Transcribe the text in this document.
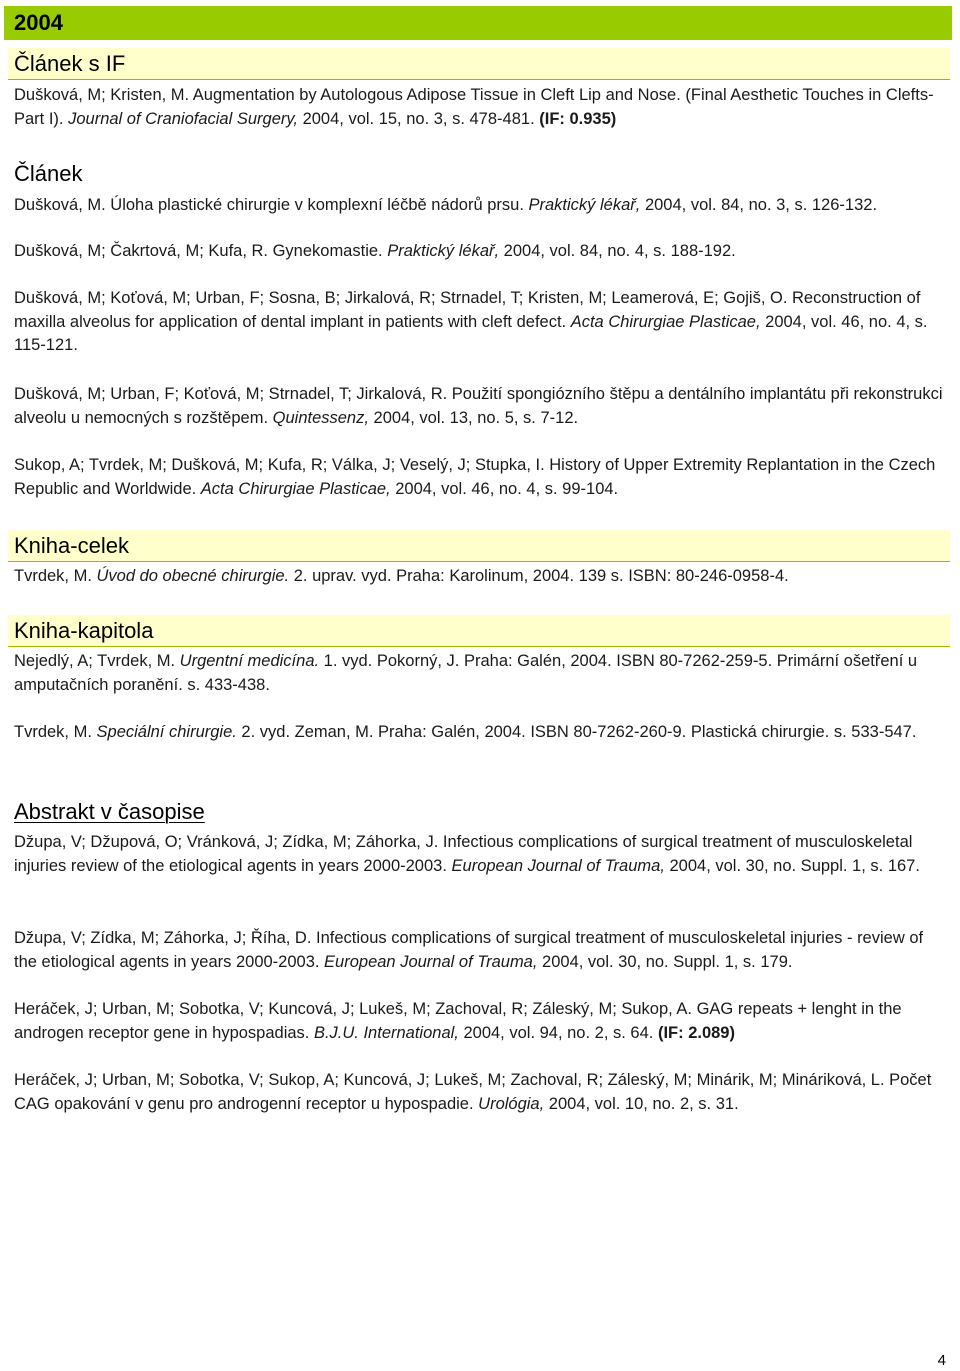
2004
Článek s IF
Dušková, M; Kristen, M. Augmentation by Autologous Adipose Tissue in Cleft Lip and Nose. (Final Aesthetic Touches in Clefts-Part I). Journal of Craniofacial Surgery, 2004, vol. 15, no. 3, s. 478-481. (IF: 0.935)
Článek
Dušková, M. Úloha plastické chirurgie v komplexní léčbě nádorů prsu. Praktický lékař, 2004, vol. 84, no. 3, s. 126-132.
Dušková, M; Čakrtová, M; Kufa, R. Gynekomastie. Praktický lékař, 2004, vol. 84, no. 4, s. 188-192.
Dušková, M; Koťová, M; Urban, F; Sosna, B; Jirkalová, R; Strnadel, T; Kristen, M; Leamerová, E; Gojiš, O. Reconstruction of maxilla alveolus for application of dental implant in patients with cleft defect. Acta Chirurgiae Plasticae, 2004, vol. 46, no. 4, s. 115-121.
Dušková, M; Urban, F; Koťová, M; Strnadel, T; Jirkalová, R. Použití spongiózního štěpu a dentálního implantátu při rekonstrukci alveolu u nemocných s rozštěpem. Quintessenz, 2004, vol. 13, no. 5, s. 7-12.
Sukop, A; Tvrdek, M; Dušková, M; Kufa, R; Válka, J; Veselý, J; Stupka, I. History of Upper Extremity Replantation in the Czech Republic and Worldwide. Acta Chirurgiae Plasticae, 2004, vol. 46, no. 4, s. 99-104.
Kniha-celek
Tvrdek, M. Úvod do obecné chirurgie. 2. uprav. vyd. Praha: Karolinum, 2004. 139 s. ISBN: 80-246-0958-4.
Kniha-kapitola
Nejedlý, A; Tvrdek, M. Urgentní medicína. 1. vyd. Pokorný, J. Praha: Galén, 2004. ISBN 80-7262-259-5. Primární ošetření u amputačních poranění. s. 433-438.
Tvrdek, M. Speciální chirurgie. 2. vyd. Zeman, M. Praha: Galén, 2004. ISBN 80-7262-260-9. Plastická chirurgie. s. 533-547.
Abstrakt v časopise
Džupa, V; Džupová, O; Vránková, J; Zídka, M; Záhorka, J. Infectious complications of surgical treatment of musculoskeletal injuries review of the etiological agents in years 2000-2003. European Journal of Trauma, 2004, vol. 30, no. Suppl. 1, s. 167.
Džupa, V; Zídka, M; Záhorka, J; Říha, D. Infectious complications of surgical treatment of musculoskeletal injuries - review of the etiological agents in years 2000-2003. European Journal of Trauma, 2004, vol. 30, no. Suppl. 1, s. 179.
Heráček, J; Urban, M; Sobotka, V; Kuncová, J; Lukeš, M; Zachoval, R; Záleský, M; Sukop, A. GAG repeats + lenght in the androgen receptor gene in hypospadias. B.J.U. International, 2004, vol. 94, no. 2, s. 64. (IF: 2.089)
Heráček, J; Urban, M; Sobotka, V; Sukop, A; Kuncová, J; Lukeš, M; Zachoval, R; Záleský, M; Minárik, M; Mináriková, L. Počet CAG opakování v genu pro androgenní receptor u hypospadie. Urológia, 2004, vol. 10, no. 2, s. 31.
4
